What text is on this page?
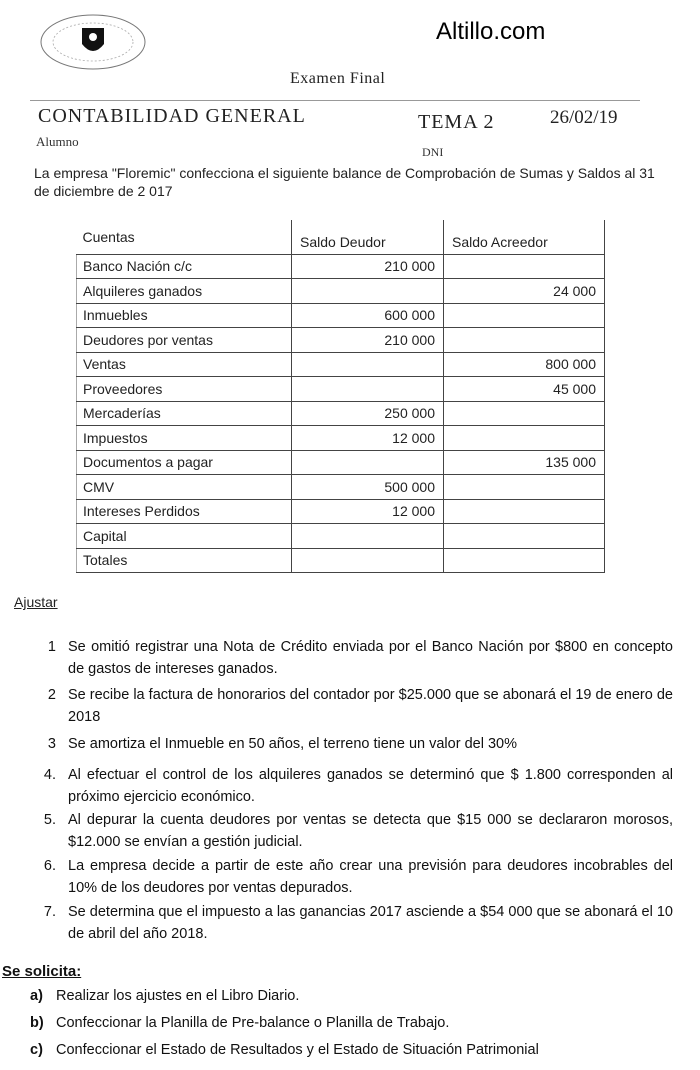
Altillo.com
Examen Final
CONTABILIDAD GENERAL	TEMA 2	26/02/19
Alumno
DNI
La empresa "Floremic" confecciona el siguiente balance de Comprobación de Sumas y Saldos al 31 de diciembre de 2 017
Cuentas	Saldo Deudor	Saldo Acreedor
Banco Nación c/c	210 000	
Alquileres ganados		24 000
Inmuebles	600 000	
Deudores por ventas	210 000	
Ventas		800 000
Proveedores		45 000
Mercaderías	250 000	
Impuestos	12 000	
Documentos a pagar		135 000
CMV	500 000	
Intereses Perdidos	12 000	
Capital		
Totales		
Ajustar
1 Se omitió registrar una Nota de Crédito enviada por el Banco Nación por $800 en concepto de gastos de intereses ganados.
2 Se recibe la factura de honorarios del contador por $25.000 que se abonará el 19 de enero de 2018
3 Se amortiza el Inmueble en 50 años, el terreno tiene un valor del 30%
4. Al efectuar el control de los alquileres ganados se determinó que $ 1.800 corresponden al próximo ejercicio económico.
5. Al depurar la cuenta deudores por ventas se detecta que $15 000 se declararon morosos, $12.000 se envían a gestión judicial.
6. La empresa decide a partir de este año crear una previsión para deudores incobrables del 10% de los deudores por ventas depurados.
7. Se determina que el impuesto a las ganancias 2017 asciende a $54 000 que se abonará el 10 de abril del año 2018.
Se solicita:
a) Realizar los ajustes en el Libro Diario.
b) Confeccionar la Planilla de Pre-balance o Planilla de Trabajo.
c) Confeccionar el Estado de Resultados y el Estado de Situación Patrimonial
